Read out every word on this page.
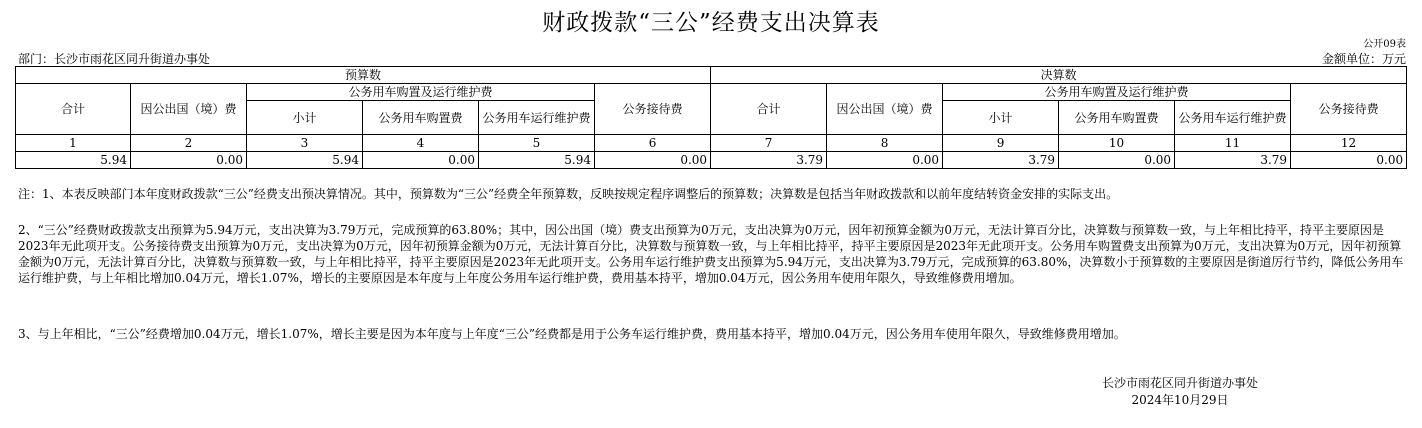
财政拨款“三公”经费支出决算表
公开09表
部门：长沙市雨花区同升街道办事处	金额单位：万元
预算数						决算数					
合计	因公出国（境）费	公务用车购置及运行维护费			公务接待费	合计	因公出国（境）费	公务用车购置及运行维护费			公务接待费
		小计	公务用车购置费	公务用车运行维护费				小计	公务用车购置费	公务用车运行维护费	
1	2	3	4	5	6	7	8	9	10	11	12
5.94	0.00	5.94	0.00	5.94	0.00	3.79	0.00	3.79	0.00	3.79	0.00

注：1、本表反映部门本年度财政拨款“三公”经费支出预决算情况。其中，预算数为“三公”经费全年预算数，反映按规定程序调整后的预算数；决算数是包括当年财政拨款和以前年度结转资金安排的实际支出。

2、“三公”经费财政拨款支出预算为5.94万元，支出决算为3.79万元，完成预算的63.80%；其中，因公出国（境）费支出预算为0万元，支出决算为0万元，因年初预算金额为0万元，无法计算百分比，决算数与预算数一致，与上年相比持平，持平主要原因是2023年无此项开支。公务接待费支出预算为0万元，支出决算为0万元，因年初预算金额为0万元，无法计算百分比，决算数与预算数一致，与上年相比持平，持平主要原因是2023年无此项开支。公务用车购置费支出预算为0万元，支出决算为0万元，因年初预算金额为0万元，无法计算百分比，决算数与预算数一致，与上年相比持平，持平主要原因是2023年无此项开支。公务用车运行维护费支出预算为5.94万元，支出决算为3.79万元，完成预算的63.80%，决算数小于预算数的主要原因是街道厉行节约，降低公务用车运行维护费，与上年相比增加0.04万元，增长1.07%，增长的主要原因是本年度与上年度公务用车运行维护费，费用基本持平，增加0.04万元，因公务用车使用年限久，导致维修费用增加。

3、与上年相比，“三公”经费增加0.04万元，增长1.07%，增长主要是因为本年度与上年度“三公”经费都是用于公务车运行维护费，费用基本持平，增加0.04万元，因公务用车使用年限久，导致维修费用增加。

长沙市雨花区同升街道办事处
2024年10月29日
